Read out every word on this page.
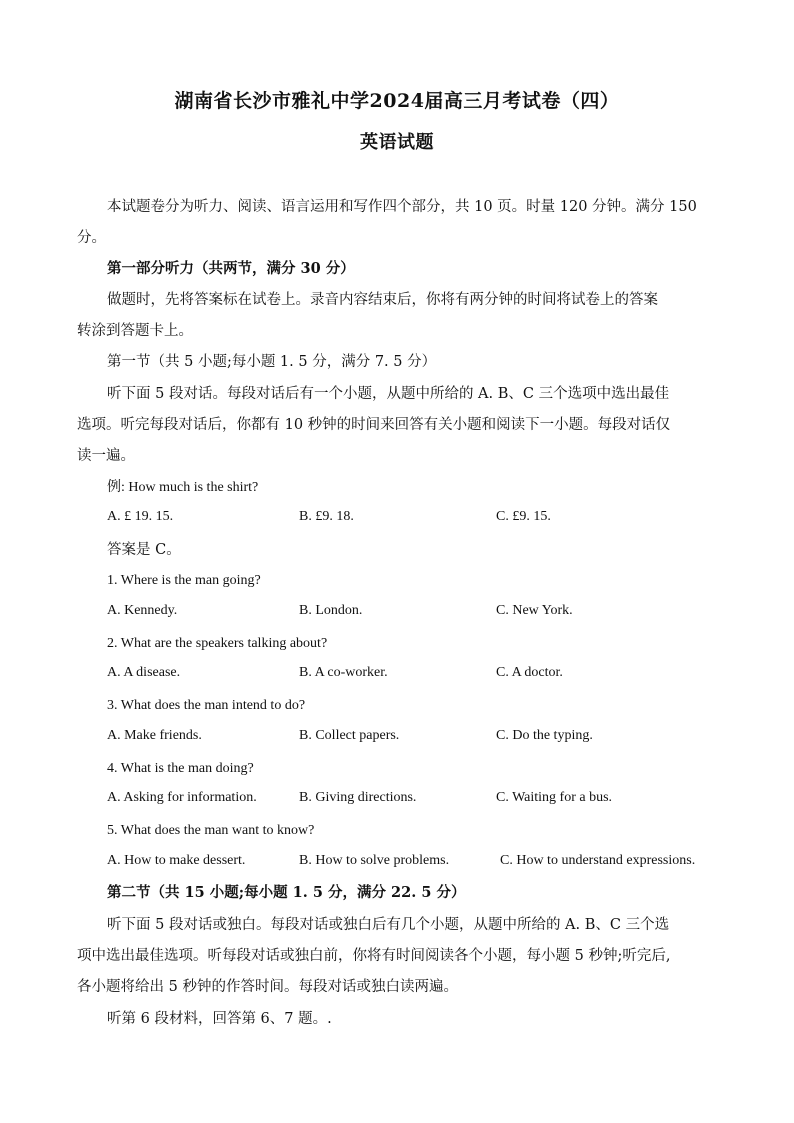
湖南省长沙市雅礼中学2024届高三月考试卷（四）
英语试题
本试题卷分为听力、阅读、语言运用和写作四个部分，共 10 页。时量 120 分钟。满分 150
分。
第一部分听力（共两节，满分 30 分）
做题时，先将答案标在试卷上。录音内容结束后，你将有两分钟的时间将试卷上的答案
转涂到答题卡上。
第一节（共 5 小题;每小题 1. 5 分，满分 7. 5 分）
听下面 5 段对话。每段对话后有一个小题，从题中所给的 A. B、C 三个选项中选出最佳
选项。听完每段对话后，你都有 10 秒钟的时间来回答有关小题和阅读下一小题。每段对话仅
读一遍。
例: How much is the shirt?
A. £ 19. 15.	B. £9. 18.	C. £9. 15.
答案是 C。
1. Where is the man going?
A. Kennedy.	B. London.	C. New York.
2. What are the speakers talking about?
A. A disease.	B. A co-worker.	C. A doctor.
3. What does the man intend to do?
A. Make friends.	B. Collect papers.	C. Do the typing.
4. What is the man doing?
A. Asking for information.	B. Giving directions.	C. Waiting for a bus.
5. What does the man want to know?
A. How to make dessert.	B. How to solve problems.	C. How to understand expressions.
第二节（共 15 小题;每小题 1. 5 分，满分 22. 5 分）
听下面 5 段对话或独白。每段对话或独白后有几个小题，从题中所给的 A. B、C 三个选
项中选出最佳选项。听每段对话或独白前，你将有时间阅读各个小题，每小题 5 秒钟;听完后,
各小题将给出 5 秒钟的作答时间。每段对话或独白读两遍。
听第 6 段材料，回答第 6、7 题。.
